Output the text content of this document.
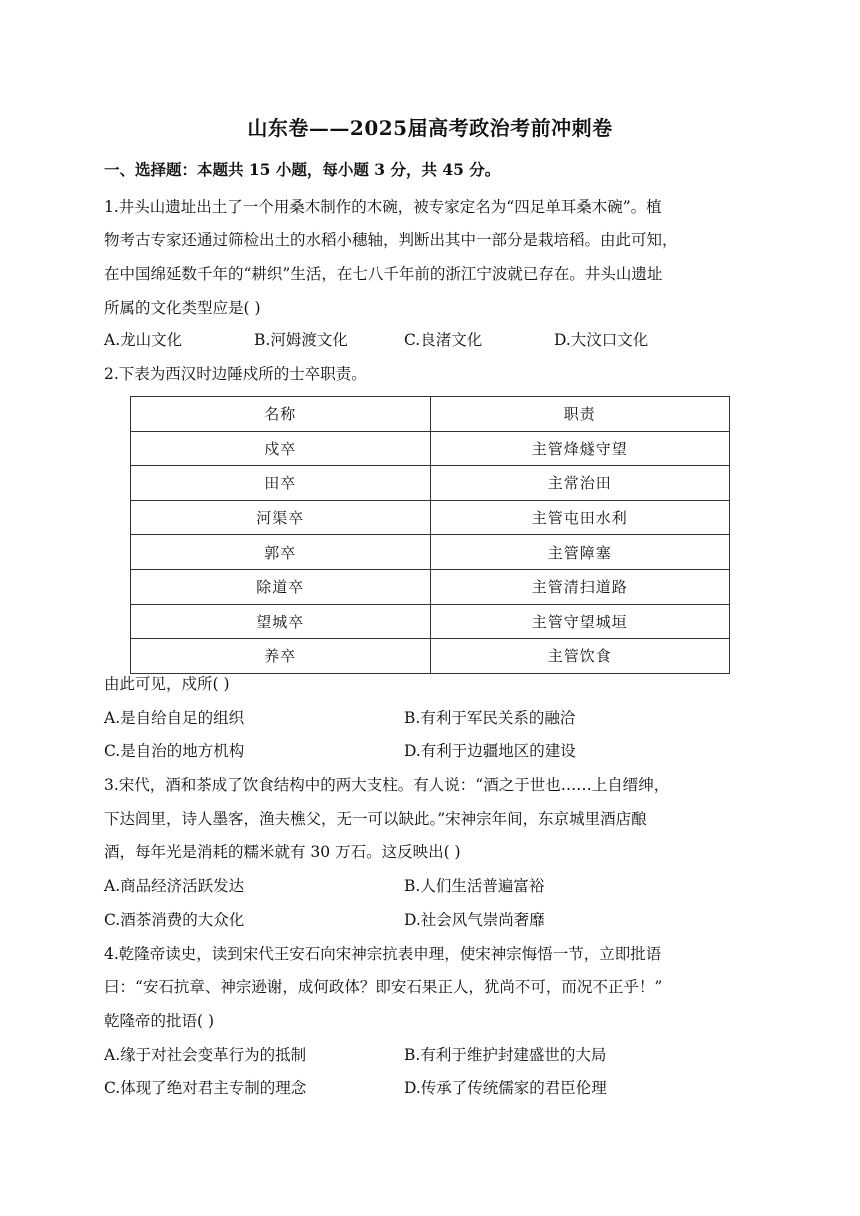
山东卷——2025届高考政治考前冲刺卷
一、选择题：本题共 15 小题，每小题 3 分，共 45 分。
1.井头山遗址出土了一个用桑木制作的木碗，被专家定名为“四足单耳桑木碗”。植
物考古专家还通过筛检出土的水稻小穗轴，判断出其中一部分是栽培稻。由此可知，
在中国绵延数千年的“耕织”生活，在七八千年前的浙江宁波就已存在。井头山遗址
所属的文化类型应是( )
A.龙山文化	B.河姆渡文化	C.良渚文化	D.大汶口文化
2.下表为西汉时边陲戍所的士卒职责。
名称	职责
戍卒	主管烽燧守望
田卒	主常治田
河渠卒	主管屯田水利
郭卒	主管障塞
除道卒	主管清扫道路
望城卒	主管守望城垣
养卒	主管饮食
由此可见，戍所( )
A.是自给自足的组织	B.有利于军民关系的融洽
C.是自治的地方机构	D.有利于边疆地区的建设
3.宋代，酒和茶成了饮食结构中的两大支柱。有人说：“酒之于世也……上自缙绅，
下达闾里，诗人墨客，渔夫樵父，无一可以缺此。”宋神宗年间，东京城里酒店酿
酒，每年光是消耗的糯米就有 30 万石。这反映出( )
A.商品经济活跃发达	B.人们生活普遍富裕
C.酒茶消费的大众化	D.社会风气崇尚奢靡
4.乾隆帝读史，读到宋代王安石向宋神宗抗表申理，使宋神宗悔悟一节，立即批语
曰：“安石抗章、神宗逊谢，成何政体？即安石果正人，犹尚不可，而况不正乎！”
乾隆帝的批语( )
A.缘于对社会变革行为的抵制	B.有利于维护封建盛世的大局
C.体现了绝对君主专制的理念	D.传承了传统儒家的君臣伦理
